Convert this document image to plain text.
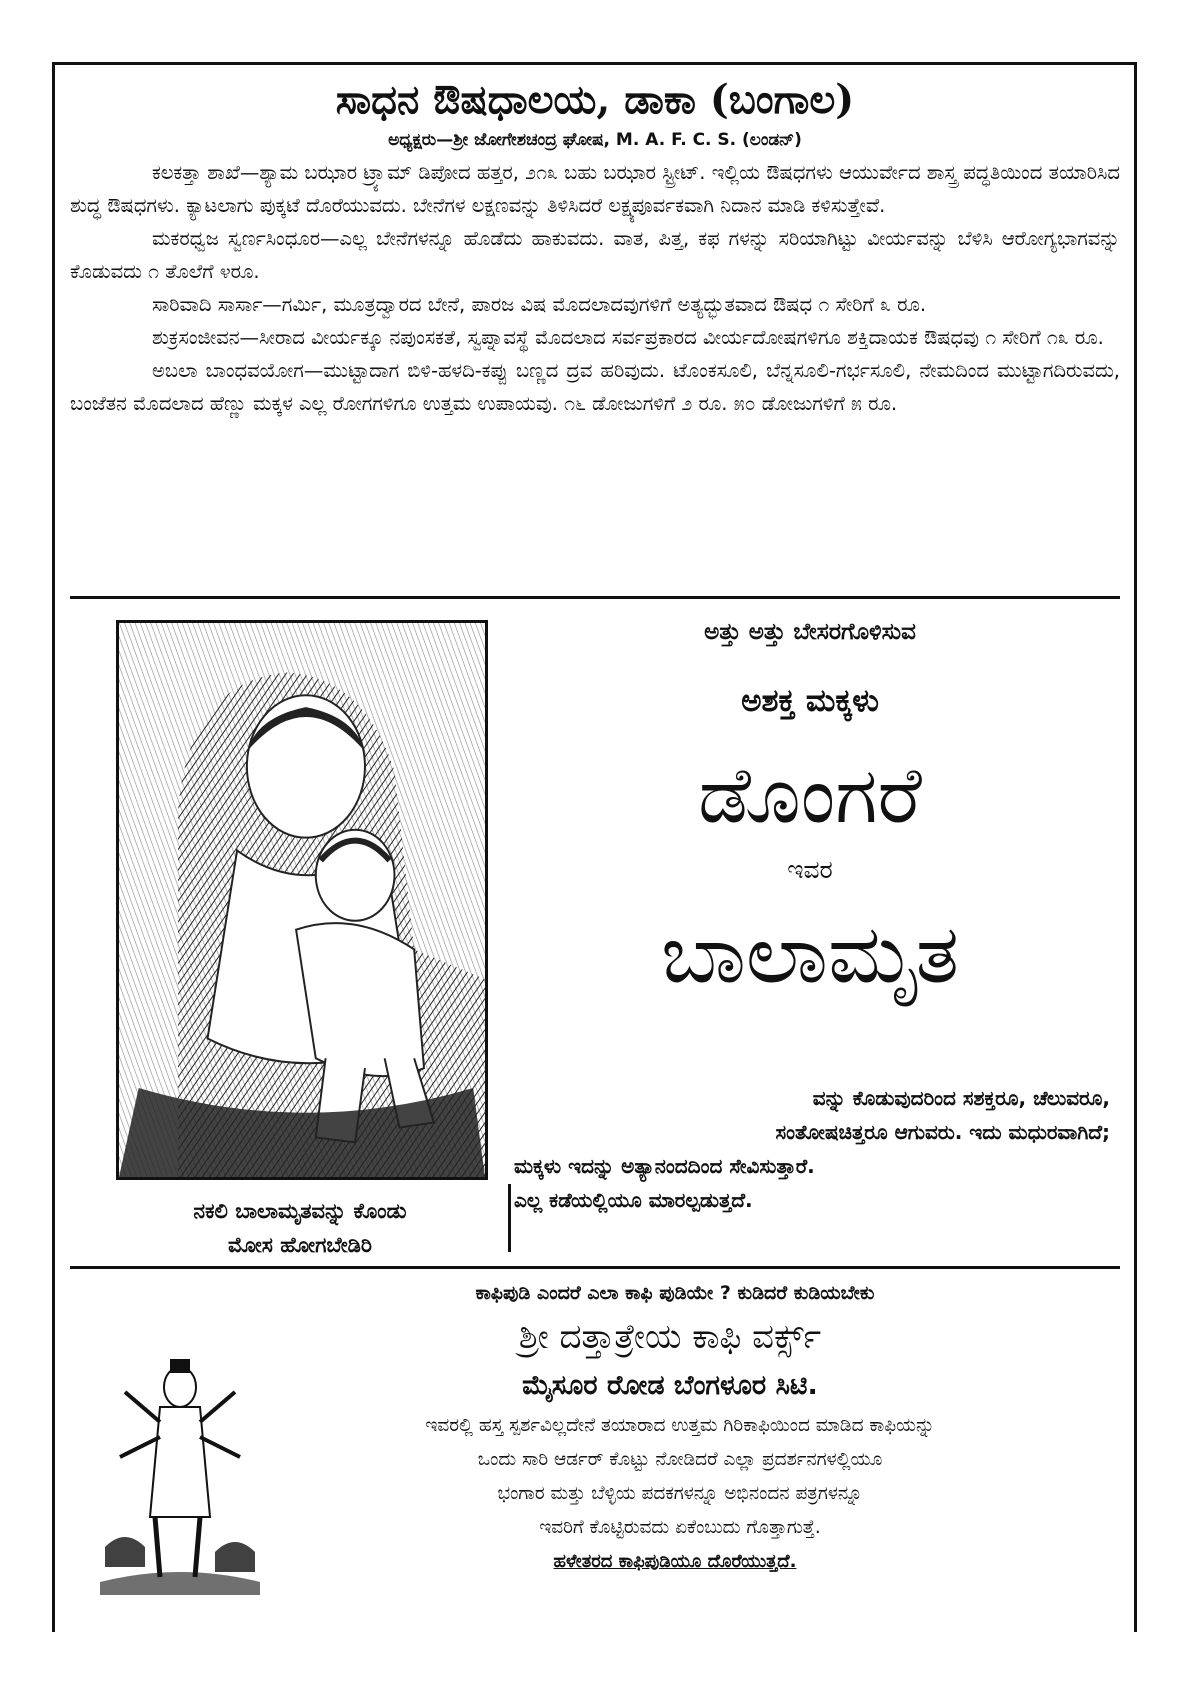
ಸಾಧನ ಔಷಧಾಲಯ, ಡಾಕಾ (ಬಂಗಾಲ)

ಅಧ್ಯಕ್ಷರು—ಶ್ರೀ ಜೋಗೇಶಚಂದ್ರ ಘೋಷ, M. A. F. C. S. (ಲಂಡನ್)

ಕಲಕತ್ತಾ ಶಾಖೆ—ಶ್ಯಾಮ ಬಝಾರ ಟ್ರ್ಯಾಮ್ ಡಿಪೋದ ಹತ್ತರ, ೨೧೩ ಬಹು ಬಝಾರ ಸ್ಟ್ರೀಟ್. ಇಲ್ಲಿಯ ಔಷಧಗಳು ಆಯುರ್ವೇದ ಶಾಸ್ತ್ರ ಪದ್ಧತಿಯಿಂದ ತಯಾರಿಸಿದ ಶುದ್ಧ ಔಷಧಗಳು. ಕ್ಯಾಟಲಾಗು ಪುಕ್ಕಟೆ ದೊರೆಯುವದು. ಬೇನೆಗಳ ಲಕ್ಷಣವನ್ನು ತಿಳಿಸಿದರೆ ಲಕ್ಷ್ಯಪೂರ್ವಕವಾಗಿ ನಿದಾನ ಮಾಡಿ ಕಳಿಸುತ್ತೇವೆ.

ಮಕರಧ್ವಜ ಸ್ವರ್ಣಸಿಂಧೂರ—ಎಲ್ಲ ಬೇನೆಗಳನ್ನೂ ಹೊಡೆದು ಹಾಕುವದು. ವಾತ, ಪಿತ್ತ, ಕಫ ಗಳನ್ನು ಸರಿಯಾಗಿಟ್ಟು ವೀರ್ಯವನ್ನು ಬೆಳಿಸಿ ಆರೋಗ್ಯಭಾಗವನ್ನು ಕೊಡುವದು ೧ ತೊಲೆಗೆ ೪ರೂ.

ಸಾರಿವಾದಿ ಸಾರ್ಸಾ—ಗರ್ಮಿ, ಮೂತ್ರದ್ವಾರದ ಬೇನೆ, ಪಾರಜ ವಿಷ ಮೊದಲಾದವುಗಳಿಗೆ ಅತ್ಯದ್ಭುತವಾದ ಔಷಧ ೧ ಸೇರಿಗೆ ೩ ರೂ.

ಶುಕ್ರಸಂಜೀವನ—ಸೀರಾದ ವೀರ್ಯಕ್ಕೂ ನಪುಂಸಕತೆ, ಸ್ವಪ್ನಾವಸ್ಥೆ ಮೊದಲಾದ ಸರ್ವಪ್ರಕಾರದ ವೀರ್ಯದೋಷಗಳಿಗೂ ಶಕ್ತಿದಾಯಕ ಔಷಧವು ೧ ಸೇರಿಗೆ ೧೩ ರೂ.

ಅಬಲಾ ಬಾಂಧವಯೋಗ—ಮುಟ್ಟಾದಾಗ ಬಿಳಿ-ಹಳದಿ-ಕಪ್ಪು ಬಣ್ಣದ ದ್ರವ ಹರಿವುದು. ಟೊಂಕಸೂಲಿ, ಬೆನ್ನಸೂಲಿ-ಗರ್ಭಸೂಲಿ, ನೇಮದಿಂದ ಮುಟ್ಟಾಗದಿರುವದು, ಬಂಜೆತನ ಮೊದಲಾದ ಹೆಣ್ಣು ಮಕ್ಕಳ ಎಲ್ಲ ರೋಗಗಳಿಗೂ ಉತ್ತಮ ಉಪಾಯವು. ೧೬ ಡೋಜುಗಳಿಗೆ ೨ ರೂ. ೫೦ ಡೋಜುಗಳಿಗೆ ೫ ರೂ.

ನಕಲಿ ಬಾಲಾಮೃತವನ್ನು ಕೊಂಡು
ಮೋಸ ಹೋಗಬೇಡಿರಿ
ಅತ್ತು ಅತ್ತು ಬೇಸರಗೊಳಿಸುವ
ಅಶಕ್ತ ಮಕ್ಕಳು
ಡೊಂಗರೆ
ಇವರ
ಬಾಲಾಮೃತ
ವನ್ನು ಕೊಡುವುದರಿಂದ ಸಶಕ್ತರೂ, ಚೆಲುವರೂ,
ಸಂತೋಷಚಿತ್ತರೂ ಆಗುವರು. ಇದು ಮಧುರವಾಗಿದೆ;
ಮಕ್ಕಳು ಇದನ್ನು ಅತ್ಯಾನಂದದಿಂದ ಸೇವಿಸುತ್ತಾರೆ.
ಎಲ್ಲ ಕಡೆಯಲ್ಲಿಯೂ ಮಾರಲ್ಪಡುತ್ತದೆ.
ಕಾಫಿಪುಡಿ ಎಂದರೆ ಎಲಾ ಕಾಫಿ ಪುಡಿಯೇ ? ಕುಡಿದರೆ ಕುಡಿಯಬೇಕು
ಶ್ರೀ ದತ್ತಾತ್ರೇಯ ಕಾಫಿ ವರ್ಕ್ಸ್
ಮೈಸೂರ ರೋಡ ಬೆಂಗಳೂರ ಸಿಟಿ.
ಇವರಲ್ಲಿ ಹಸ್ತ ಸ್ಪರ್ಶವಿಲ್ಲದೇನೆ ತಯಾರಾದ ಉತ್ತಮ ಗಿರಿಕಾಫಿಯಿಂದ ಮಾಡಿದ ಕಾಫಿಯನ್ನು
ಒಂದು ಸಾರಿ ಆರ್ಡರ್ ಕೊಟ್ಟು ನೋಡಿದರೆ ಎಲ್ಲಾ ಪ್ರದರ್ಶನಗಳಲ್ಲಿಯೂ
ಭಂಗಾರ ಮತ್ತು ಬೆಳ್ಳಿಯ ಪದಕಗಳನ್ನೂ ಅಭಿನಂದನ ಪತ್ರಗಳನ್ನೂ
ಇವರಿಗೆ ಕೊಟ್ಟಿರುವದು ಏಕೆಂಬುದು ಗೊತ್ತಾಗುತ್ತೆ.
ಹಳೇತರದ ಕಾಫಿಪುಡಿಯೂ ದೊರೆಯುತ್ತದೆ.
